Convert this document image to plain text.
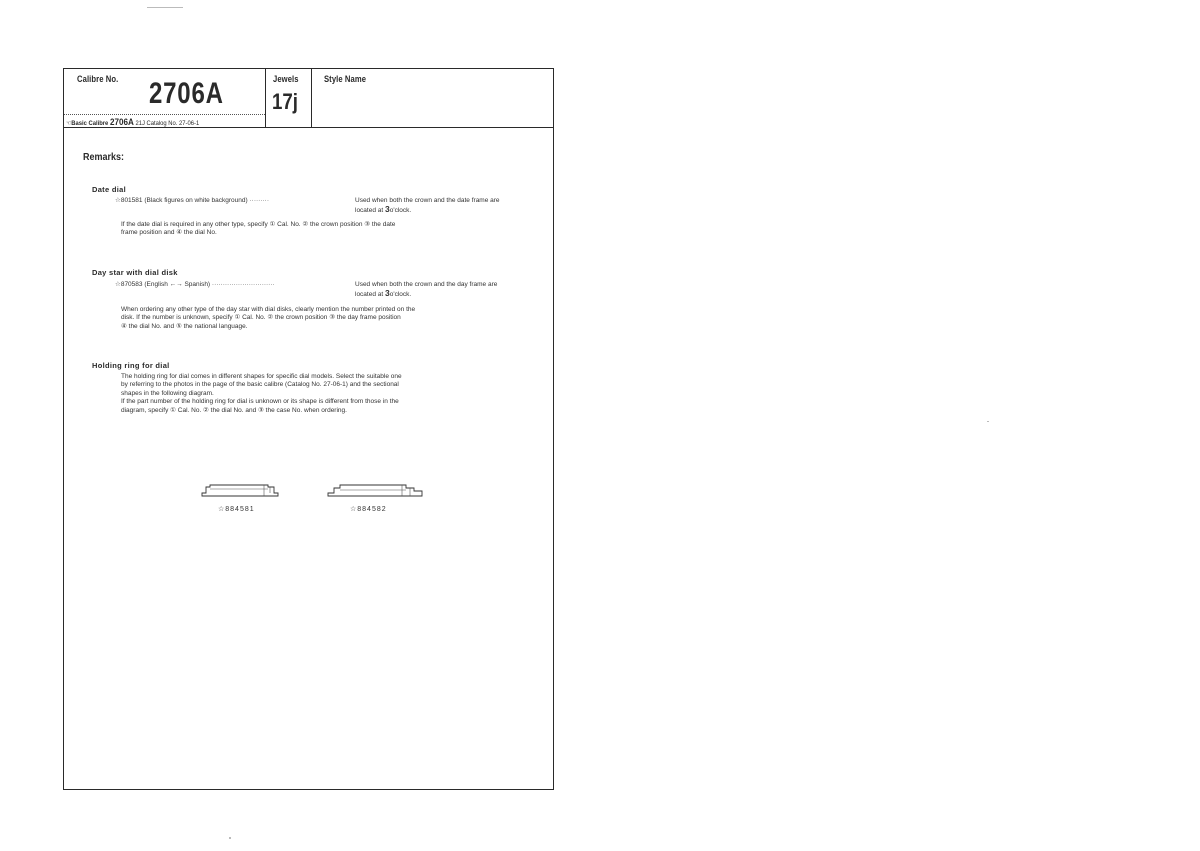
Calibre No. 2706A
☜Basic Calibre 2706A 21J Catalog No. 27-06-1
Jewels
17j
Style Name
Remarks:
Date dial
☆801581 (Black figures on white background) ·········	Used when both the crown and the date frame are
located at 3o'clock.
If the date dial is required in any other type, specify ① Cal. No. ② the crown position ③ the date
frame position and ④ the dial No.
Day star with dial disk
☆870583 (English ←→ Spanish) ·····························	Used when both the crown and the day frame are
located at 3o'clock.
When ordering any other type of the day star with dial disks, clearly mention the number printed on the
disk. If the number is unknown, specify ① Cal. No. ② the crown position ③ the day frame position
④ the dial No. and ⑤ the national language.
Holding ring for dial
The holding ring for dial comes in different shapes for specific dial models. Select the suitable one
by referring to the photos in the page of the basic calibre (Catalog No. 27-06-1) and the sectional
shapes in the following diagram.
If the part number of the holding ring for dial is unknown or its shape is different from those in the
diagram, specify ① Cal. No. ② the dial No. and ③ the case No. when ordering.
☆884581	☆884582
